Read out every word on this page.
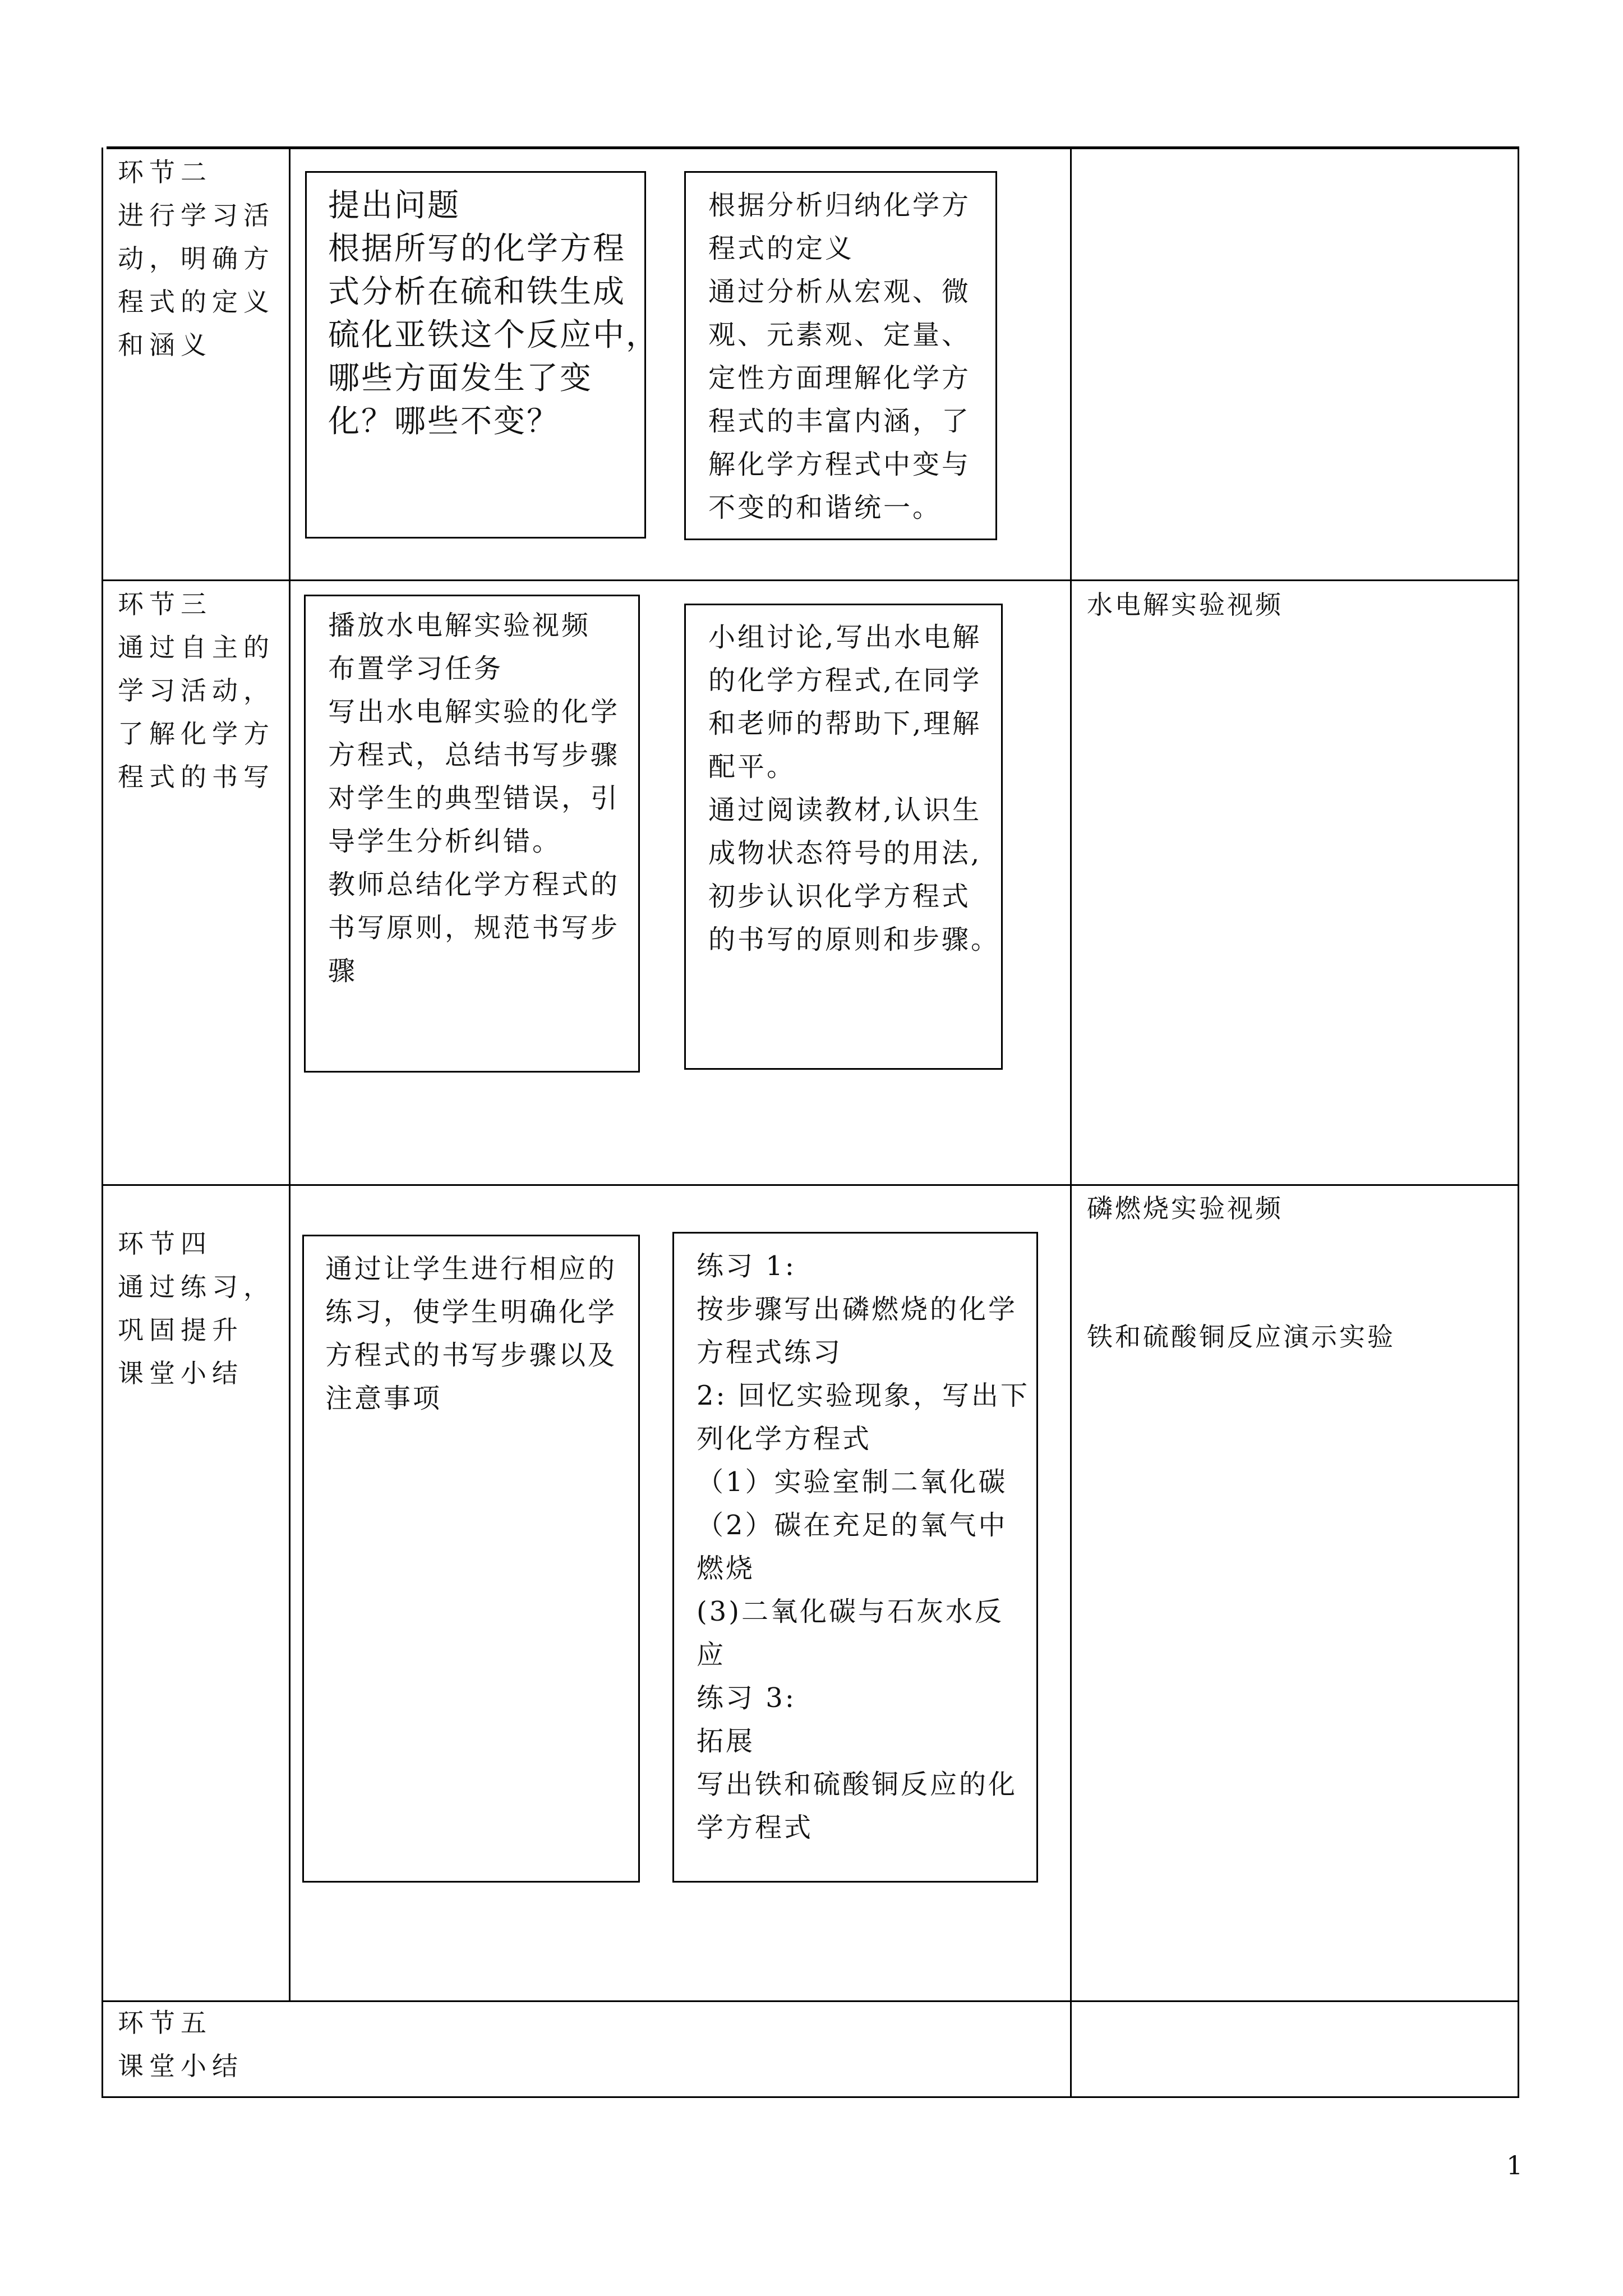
环节二
进行学习活
动，明确方
程式的定义
和涵义
环节三
通过自主的
学习活动，
了解化学方
程式的书写
环节四
通过练习，
巩固提升
课堂小结
环节五
课堂小结
提出问题
根据所写的化学方程
式分析在硫和铁生成
硫化亚铁这个反应中，
哪些方面发生了变
化？哪些不变？
根据分析归纳化学方
程式的定义
通过分析从宏观、微
观、元素观、定量、
定性方面理解化学方
程式的丰富内涵，了
解化学方程式中变与
不变的和谐统一。
播放水电解实验视频
布置学习任务
写出水电解实验的化学
方程式，总结书写步骤
对学生的典型错误，引
导学生分析纠错。
教师总结化学方程式的
书写原则，规范书写步
骤
小组讨论,写出水电解
的化学方程式,在同学
和老师的帮助下,理解
配平。
通过阅读教材,认识生
成物状态符号的用法,
初步认识化学方程式
的书写的原则和步骤。
水电解实验视频
通过让学生进行相应的
练习，使学生明确化学
方程式的书写步骤以及
注意事项
练习 1:
按步骤写出磷燃烧的化学
方程式练习
2: 回忆实验现象，写出下
列化学方程式
（1）实验室制二氧化碳
（2）碳在充足的氧气中
燃烧
(3)二氧化碳与石灰水反
应
练习 3:
拓展
写出铁和硫酸铜反应的化
学方程式
磷燃烧实验视频
铁和硫酸铜反应演示实验
1
